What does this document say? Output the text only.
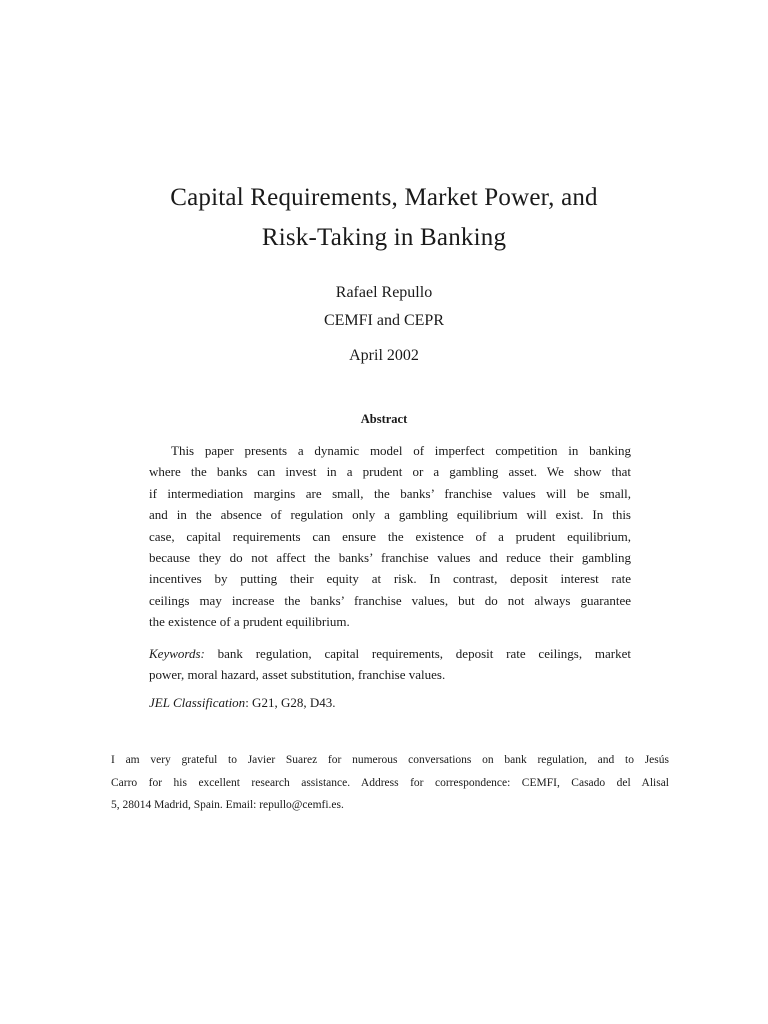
Capital Requirements, Market Power, and
Risk-Taking in Banking
Rafael Repullo
CEMFI and CEPR
April 2002
Abstract
This paper presents a dynamic model of imperfect competition in banking
where the banks can invest in a prudent or a gambling asset. We show that
if intermediation margins are small, the banks’ franchise values will be small,
and in the absence of regulation only a gambling equilibrium will exist. In this
case, capital requirements can ensure the existence of a prudent equilibrium,
because they do not affect the banks’ franchise values and reduce their gambling
incentives by putting their equity at risk. In contrast, deposit interest rate
ceilings may increase the banks’ franchise values, but do not always guarantee
the existence of a prudent equilibrium.
Keywords: bank regulation, capital requirements, deposit rate ceilings, market
power, moral hazard, asset substitution, franchise values.
JEL Classification: G21, G28, D43.
I am very grateful to Javier Suarez for numerous conversations on bank regulation, and to Jesús
Carro for his excellent research assistance. Address for correspondence: CEMFI, Casado del Alisal
5, 28014 Madrid, Spain. Email: repullo@cemfi.es.
